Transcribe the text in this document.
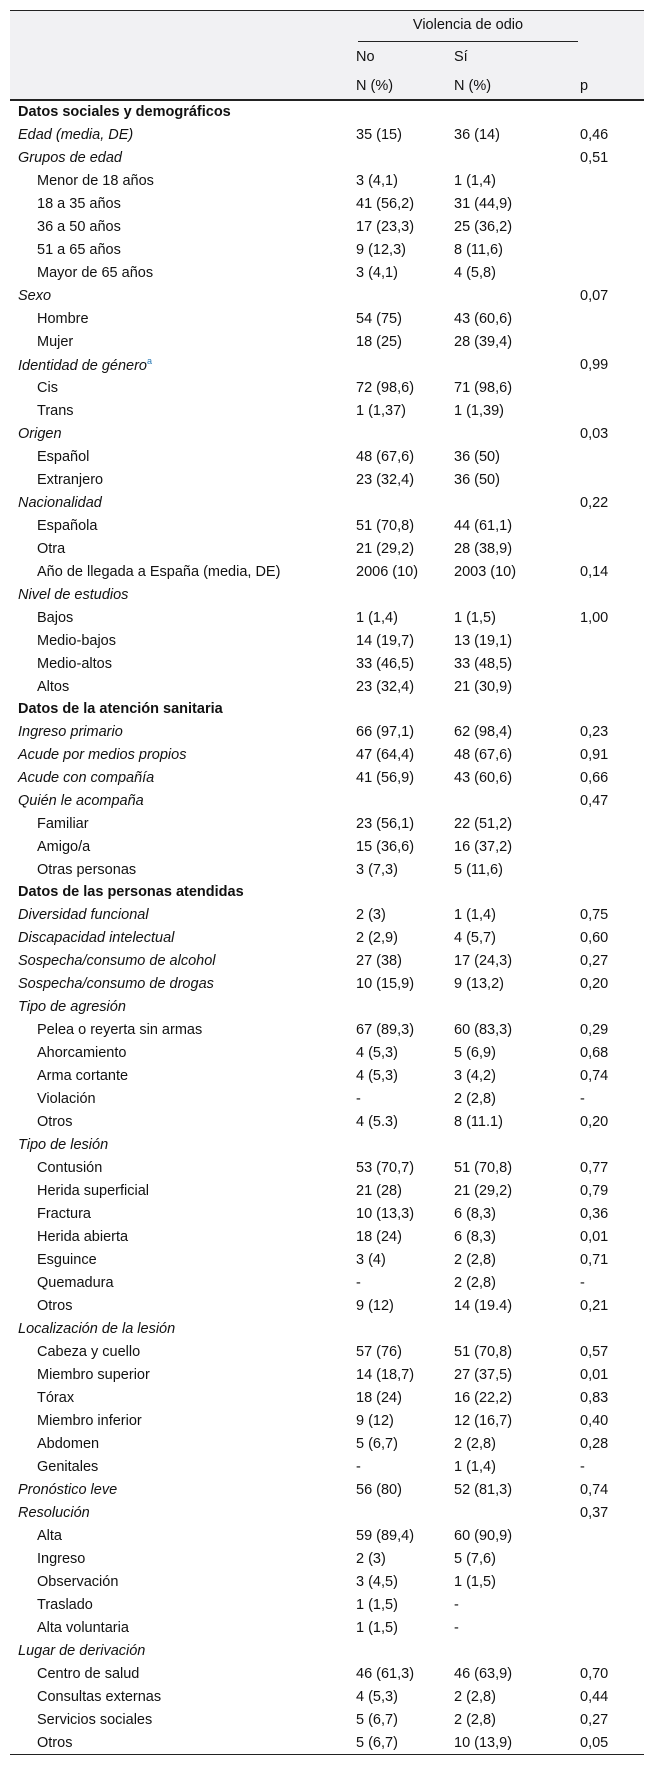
	Violencia de odio		
	No	Sí	
	N (%)	N (%)	p
Datos sociales y demográficos			
Edad (media, DE)	35 (15)	36 (14)	0,46
Grupos de edad			0,51
Menor de 18 años	3 (4,1)	1 (1,4)	
18 a 35 años	41 (56,2)	31 (44,9)	
36 a 50 años	17 (23,3)	25 (36,2)	
51 a 65 años	9 (12,3)	8 (11,6)	
Mayor de 65 años	3 (4,1)	4 (5,8)	
Sexo			0,07
Hombre	54 (75)	43 (60,6)	
Mujer	18 (25)	28 (39,4)	
Identidad de género$^a$			0,99
Cis	72 (98,6)	71 (98,6)	
Trans	1 (1,37)	1 (1,39)	
Origen			0,03
Español	48 (67,6)	36 (50)	
Extranjero	23 (32,4)	36 (50)	
Nacionalidad			0,22
Española	51 (70,8)	44 (61,1)	
Otra	21 (29,2)	28 (38,9)	
Año de llegada a España (media, DE)	2006 (10)	2003 (10)	0,14
Nivel de estudios			
Bajos	1 (1,4)	1 (1,5)	1,00
Medio-bajos	14 (19,7)	13 (19,1)	
Medio-altos	33 (46,5)	33 (48,5)	
Altos	23 (32,4)	21 (30,9)	
Datos de la atención sanitaria			
Ingreso primario	66 (97,1)	62 (98,4)	0,23
Acude por medios propios	47 (64,4)	48 (67,6)	0,91
Acude con compañía	41 (56,9)	43 (60,6)	0,66
Quién le acompaña			0,47
Familiar	23 (56,1)	22 (51,2)	
Amigo/a	15 (36,6)	16 (37,2)	
Otras personas	3 (7,3)	5 (11,6)	
Datos de las personas atendidas			
Diversidad funcional	2 (3)	1 (1,4)	0,75
Discapacidad intelectual	2 (2,9)	4 (5,7)	0,60
Sospecha/consumo de alcohol	27 (38)	17 (24,3)	0,27
Sospecha/consumo de drogas	10 (15,9)	9 (13,2)	0,20
Tipo de agresión			
Pelea o reyerta sin armas	67 (89,3)	60 (83,3)	0,29
Ahorcamiento	4 (5,3)	5 (6,9)	0,68
Arma cortante	4 (5,3)	3 (4,2)	0,74
Violación	-	2 (2,8)	-
Otros	4 (5.3)	8 (11.1)	0,20
Tipo de lesión			
Contusión	53 (70,7)	51 (70,8)	0,77
Herida superficial	21 (28)	21 (29,2)	0,79
Fractura	10 (13,3)	6 (8,3)	0,36
Herida abierta	18 (24)	6 (8,3)	0,01
Esguince	3 (4)	2 (2,8)	0,71
Quemadura	-	2 (2,8)	-
Otros	9 (12)	14 (19.4)	0,21
Localización de la lesión			
Cabeza y cuello	57 (76)	51 (70,8)	0,57
Miembro superior	14 (18,7)	27 (37,5)	0,01
Tórax	18 (24)	16 (22,2)	0,83
Miembro inferior	9 (12)	12 (16,7)	0,40
Abdomen	5 (6,7)	2 (2,8)	0,28
Genitales	-	1 (1,4)	-
Pronóstico leve	56 (80)	52 (81,3)	0,74
Resolución			0,37
Alta	59 (89,4)	60 (90,9)	
Ingreso	2 (3)	5 (7,6)	
Observación	3 (4,5)	1 (1,5)	
Traslado	1 (1,5)	-	
Alta voluntaria	1 (1,5)	-	
Lugar de derivación			
Centro de salud	46 (61,3)	46 (63,9)	0,70
Consultas externas	4 (5,3)	2 (2,8)	0,44
Servicios sociales	5 (6,7)	2 (2,8)	0,27
Otros	5 (6,7)	10 (13,9)	0,05
